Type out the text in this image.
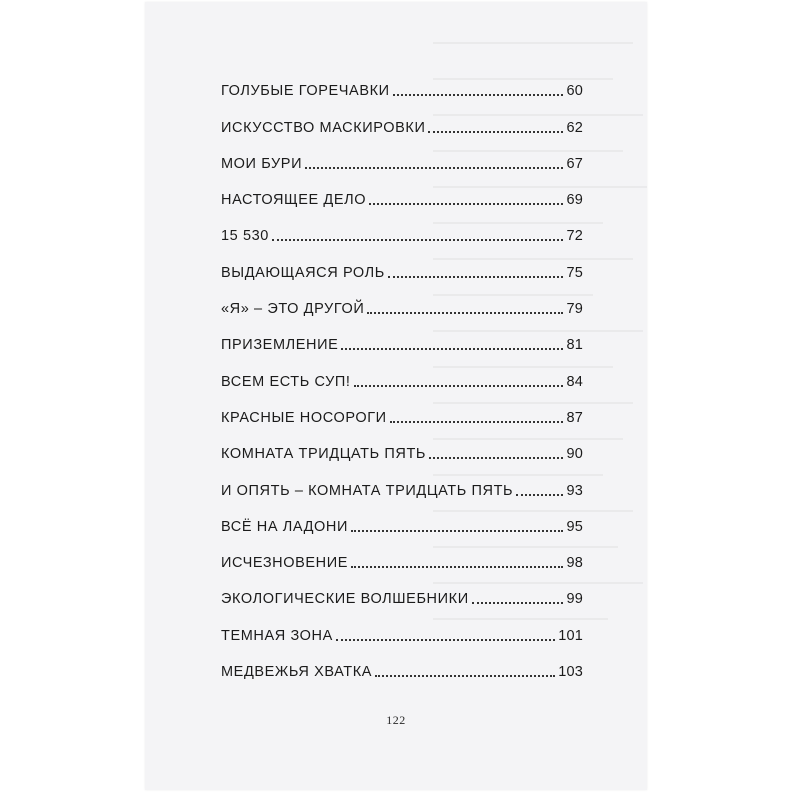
ГОЛУБЫЕ ГОРЕЧАВКИ	60
ИСКУССТВО МАСКИРОВКИ	62
МОИ БУРИ	67
НАСТОЯЩЕЕ ДЕЛО	69
15 530	72
ВЫДАЮЩАЯСЯ РОЛЬ	75
«Я» – ЭТО ДРУГОЙ	79
ПРИЗЕМЛЕНИЕ	81
ВСЕМ ЕСТЬ СУП!	84
КРАСНЫЕ НОСОРОГИ	87
КОМНАТА ТРИДЦАТЬ ПЯТЬ	90
И ОПЯТЬ – КОМНАТА ТРИДЦАТЬ ПЯТЬ	93
ВСЁ НА ЛАДОНИ	95
ИСЧЕЗНОВЕНИЕ	98
ЭКОЛОГИЧЕСКИЕ ВОЛШЕБНИКИ	99
ТЕМНАЯ ЗОНА	101
МЕДВЕЖЬЯ ХВАТКА	103
122
